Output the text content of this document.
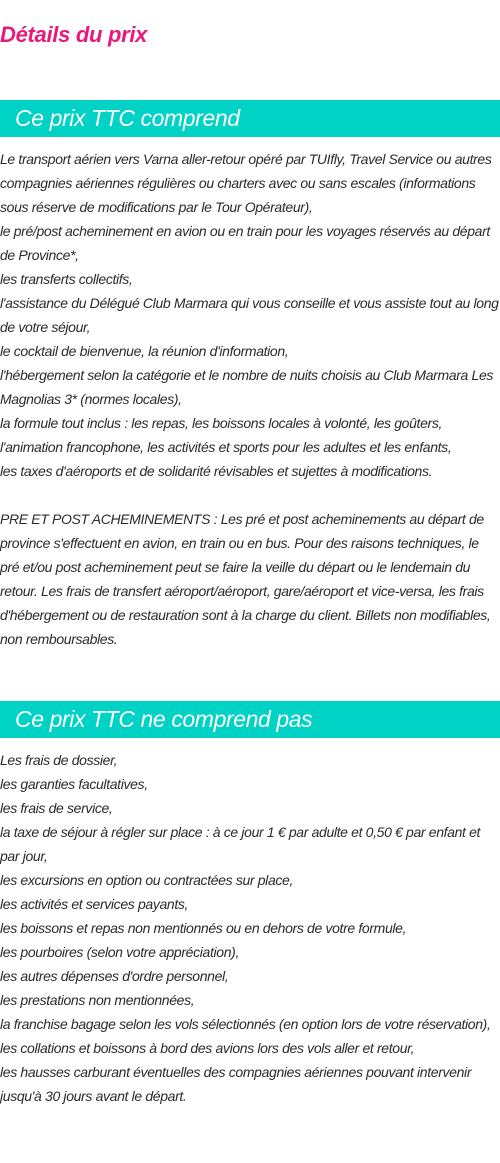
Détails du prix
Ce prix TTC comprend
Le transport aérien vers Varna aller-retour opéré par TUIfly, Travel Service ou autres compagnies aériennes régulières ou charters avec ou sans escales (informations sous réserve de modifications par le Tour Opérateur),
le pré/post acheminement en avion ou en train pour les voyages réservés au départ de Province*,
les transferts collectifs,
l'assistance du Délégué Club Marmara qui vous conseille et vous assiste tout au long de votre séjour,
le cocktail de bienvenue, la réunion d'information,
l'hébergement selon la catégorie et le nombre de nuits choisis au Club Marmara Les Magnolias 3* (normes locales),
la formule tout inclus : les repas, les boissons locales à volonté, les goûters,
l'animation francophone, les activités et sports pour les adultes et les enfants,
les taxes d'aéroports et de solidarité révisables et sujettes à modifications.
PRE ET POST ACHEMINEMENTS : Les pré et post acheminements au départ de province s'effectuent en avion, en train ou en bus. Pour des raisons techniques, le pré et/ou post acheminement peut se faire la veille du départ ou le lendemain du retour. Les frais de transfert aéroport/aéroport, gare/aéroport et vice-versa, les frais d'hébergement ou de restauration sont à la charge du client. Billets non modifiables, non remboursables.
Ce prix TTC ne comprend pas
Les frais de dossier,
les garanties facultatives,
les frais de service,
la taxe de séjour à régler sur place : à ce jour 1 € par adulte et 0,50 € par enfant et par jour,
les excursions en option ou contractées sur place,
les activités et services payants,
les boissons et repas non mentionnés ou en dehors de votre formule,
les pourboires (selon votre appréciation),
les autres dépenses d'ordre personnel,
les prestations non mentionnées,
la franchise bagage selon les vols sélectionnés (en option lors de votre réservation),
les collations et boissons à bord des avions lors des vols aller et retour,
les hausses carburant éventuelles des compagnies aériennes pouvant intervenir jusqu'à 30 jours avant le départ.
